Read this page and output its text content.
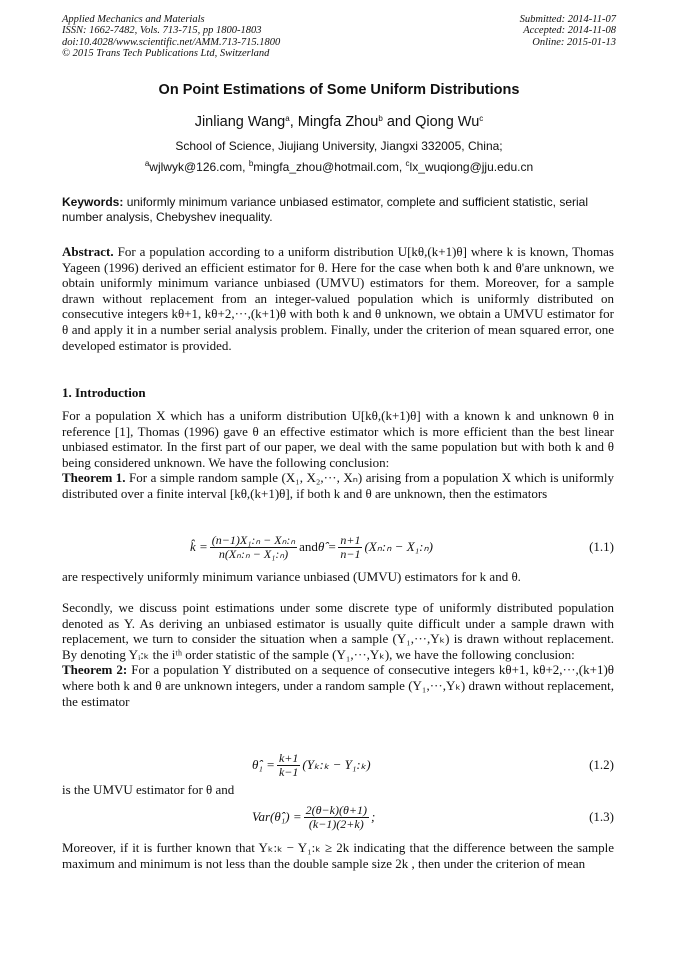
Applied Mechanics and Materials
ISSN: 1662-7482, Vols. 713-715, pp 1800-1803
doi:10.4028/www.scientific.net/AMM.713-715.1800
© 2015 Trans Tech Publications Ltd, Switzerland
Submitted: 2014-11-07
Accepted: 2014-11-08
Online: 2015-01-13
On Point Estimations of Some Uniform Distributions
Jinliang Wang$^a$, Mingfa Zhou$^b$ and Qiong Wu$^c$
School of Science, Jiujiang University, Jiangxi 332005, China;
$^a$wjlwyk@126.com, $^b$mingfa_zhou@hotmail.com, $^c$lx_wuqiong@jju.edu.cn
Keywords: uniformly minimum variance unbiased estimator, complete and sufficient statistic, serial number analysis, Chebyshev inequality.
Abstract. For a population according to a uniform distribution U[kθ,(k+1)θ] where k is known, Thomas Yageen (1996) derived an efficient estimator for θ. Here for the case when both k and θ'are unknown, we obtain uniformly minimum variance unbiased (UMVU) estimators for them. Moreover, for a sample drawn without replacement from an integer-valued population which is uniformly distributed on consecutive integers kθ+1, kθ+2,···,(k+1)θ with both k and θ unknown, we obtain a UMVU estimator for θ and apply it in a number serial analysis problem. Finally, under the criterion of mean squared error, one developed estimator is provided.
1. Introduction
For a population X which has a uniform distribution U[kθ,(k+1)θ] with a known k and unknown θ in reference [1], Thomas (1996) gave θ an effective estimator which is more efficient than the best linear unbiased estimator. In the first part of our paper, we deal with the same population but with both k and θ being considered unknown. We have the following conclusion:
Theorem 1. For a simple random sample (X₁, X₂,···, Xₙ) arising from a population X which is uniformly distributed over a finite interval [kθ,(k+1)θ], if both k and θ are unknown, then the estimators
k̂ = $\frac{\text{(n−1)X₁:ₙ − Xₙ:ₙ}}{\text{n(Xₙ:ₙ − X₁:ₙ)}}$ and θ̂ = $\frac{n+1}{n-1}$ (Xₙ:ₙ − X₁:ₙ)	(1.1)
are respectively uniformly minimum variance unbiased (UMVU) estimators for k and θ.
Secondly, we discuss point estimations under some discrete type of uniformly distributed population denoted as Y. As deriving an unbiased estimator is usually quite difficult under a sample drawn with replacement, we turn to consider the situation when a sample (Y₁,···,Yₖ) is drawn without replacement. By denoting Yᵢ:ₖ the iᵗʰ order statistic of the sample (Y₁,···,Yₖ), we have the following conclusion:
Theorem 2: For a population Y distributed on a sequence of consecutive integers kθ+1, kθ+2,···,(k+1)θ where both k and θ are unknown integers, under a random sample (Y₁,···,Yₖ) drawn without replacement, the estimator
θ̂₁ = $\frac{k+1}{k-1}$ (Yₖ:ₖ − Y₁:ₖ)	(1.2)
is the UMVU estimator for θ and
Var(θ̂₁) = $\frac{2(\theta-k)(\theta+1)}{(k-1)(2+k)}$ ;	(1.3)
Moreover, if it is further known that Yₖ:ₖ − Y₁:ₖ ≥ 2k indicating that the difference between the sample maximum and minimum is not less than the double sample size 2k , then under the criterion of mean
